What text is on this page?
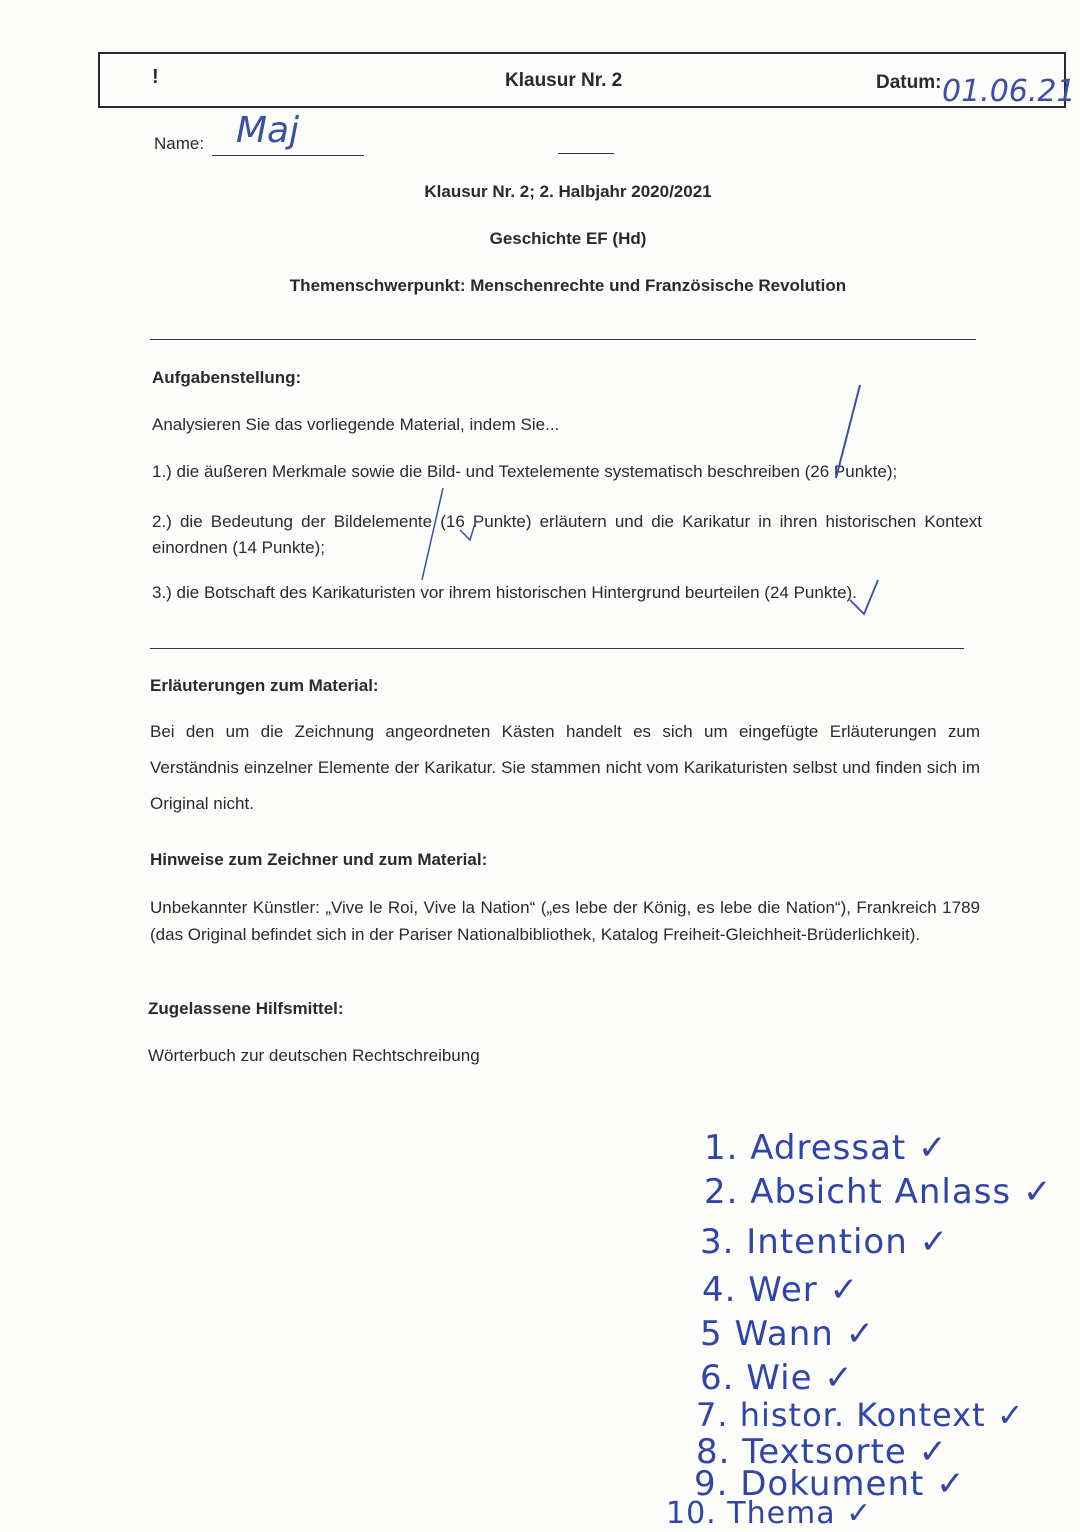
!	Klausur Nr. 2	Datum: 01.06.21
Name: Maj
Klausur Nr. 2; 2. Halbjahr 2020/2021
Geschichte EF (Hd)
Themenschwerpunkt: Menschenrechte und Französische Revolution
Aufgabenstellung:
Analysieren Sie das vorliegende Material, indem Sie...
1.) die äußeren Merkmale sowie die Bild- und Textelemente systematisch beschreiben (26 Punkte);
2.) die Bedeutung der Bildelemente (16 Punkte) erläutern und die Karikatur in ihren historischen Kontext einordnen (14 Punkte);
3.) die Botschaft des Karikaturisten vor ihrem historischen Hintergrund beurteilen (24 Punkte).
Erläuterungen zum Material:

Bei den um die Zeichnung angeordneten Kästen handelt es sich um eingefügte Erläuterungen zum Verständnis einzelner Elemente der Karikatur. Sie stammen nicht vom Karikaturisten selbst und finden sich im Original nicht.

Hinweise zum Zeichner und zum Material:

Unbekannter Künstler: „Vive le Roi, Vive la Nation“ („es lebe der König, es lebe die Nation“), Frankreich 1789 (das Original befindet sich in der Pariser Nationalbibliothek, Katalog Freiheit-Gleichheit-Brüderlichkeit).

Zugelassene Hilfsmittel:
Wörterbuch zur deutschen Rechtschreibung
1. Adressat ✓
2. Absicht Anlass ✓
3. Intention ✓
4. Wer ✓
5 Wann ✓
6. Wie ✓
7. histor. Kontext ✓
8. Textsorte ✓
9. Dokument ✓
10. Thema ✓
